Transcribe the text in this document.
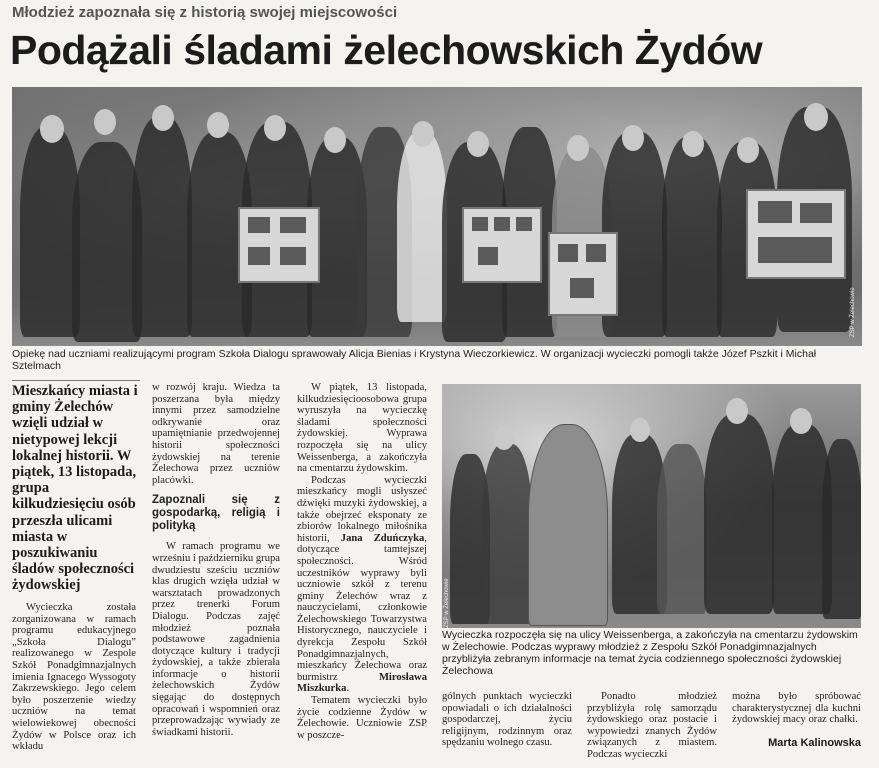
Młodzież zapoznała się z historią swojej miejscowości
Podążali śladami żelechowskich Żydów
ZSP w Żelechowie
Opiekę nad uczniami realizującymi program Szkoła Dialogu sprawowały Alicja Bienias i Krystyna Wieczorkiewicz. W organizacji wycieczki pomogli także Józef Pszkit i Michał Sztelmach
Mieszkańcy miasta i gminy Żelechów wzięli udział w nietypowej lekcji lokalnej historii. W piątek, 13 listopada, grupa kilkudziesięciu osób przeszła ulicami miasta w poszukiwaniu śladów społeczności żydowskiej

Wycieczka została zorganizowana w ramach programu edukacyjnego „Szkoła Dialogu” realizowanego w Zespole Szkół Ponadgimnazjalnych imienia Ignacego Wyssogoty Zakrzewskiego. Jego celem było poszerzenie wiedzy uczniów na temat wielowiekowej obecności Żydów w Polsce oraz ich wkładu

w rozwój kraju. Wiedza ta poszerzana była między innymi przez samodzielne odkrywanie oraz upamiętnianie przedwojennej historii społeczności żydowskiej na terenie Żelechowa przez uczniów placówki.

Zapoznali się z gospodarką, religią i polityką

W ramach programu we wrześniu i październiku grupa dwudziestu sześciu uczniów klas drugich wzięła udział w warsztatach prowadzonych przez trenerki Forum Dialogu. Podczas zajęć młodzież poznała podstawowe zagadnienia dotyczące kultury i tradycji żydowskiej, a także zbierała informacje o historii żelechowskich Żydów sięgając do dostępnych opracowań i wspomnień oraz przeprowadzając wywiady ze świadkami historii.

W piątek, 13 listopada, kilkudziesięcioosobowa grupa wyruszyła na wycieczkę śladami społeczności żydowskiej. Wyprawa rozpoczęła się na ulicy Weissenberga, a zakończyła na cmentarzu żydowskim.

Podczas wycieczki mieszkańcy mogli usłyszeć dźwięki muzyki żydowskiej, a także obejrzeć eksponaty ze zbiorów lokalnego miłośnika historii, Jana Zduńczyka, dotyczące tamtejszej społeczności. Wśród uczestników wyprawy byli uczniowie szkół z terenu gminy Żelechów wraz z nauczycielami, członkowie Żelechowskiego Towarzystwa Historycznego, nauczyciele i dyrekcja Zespołu Szkół Ponadgimnazjalnych, mieszkańcy Żelechowa oraz burmistrz Mirosława Miszkurka.

Tematem wycieczki było życie codzienne Żydów w Żelechowie. Uczniowie ZSP w poszcze-

ZSP w Żelechowie
Wycieczka rozpoczęła się na ulicy Weissenberga, a zakończyła na cmentarzu żydowskim w Żelechowie. Podczas wyprawy młodzież z Zespołu Szkół Ponadgimnazjalnych przybliżyła zebranym informacje na temat życia codziennego społeczności żydowskiej Żelechowa

gólnych punktach wycieczki opowiadali o ich działalności gospodarczej, życiu religijnym, rodzinnym oraz spędzaniu wolnego czasu.

Ponadto młodzież przybliżyła rolę samorządu żydowskiego oraz postacie i wypowiedzi znanych Żydów związanych z miastem. Podczas wycieczki

można było spróbować charakterystycznej dla kuchni żydowskiej macy oraz chałki.

Marta Kalinowska
